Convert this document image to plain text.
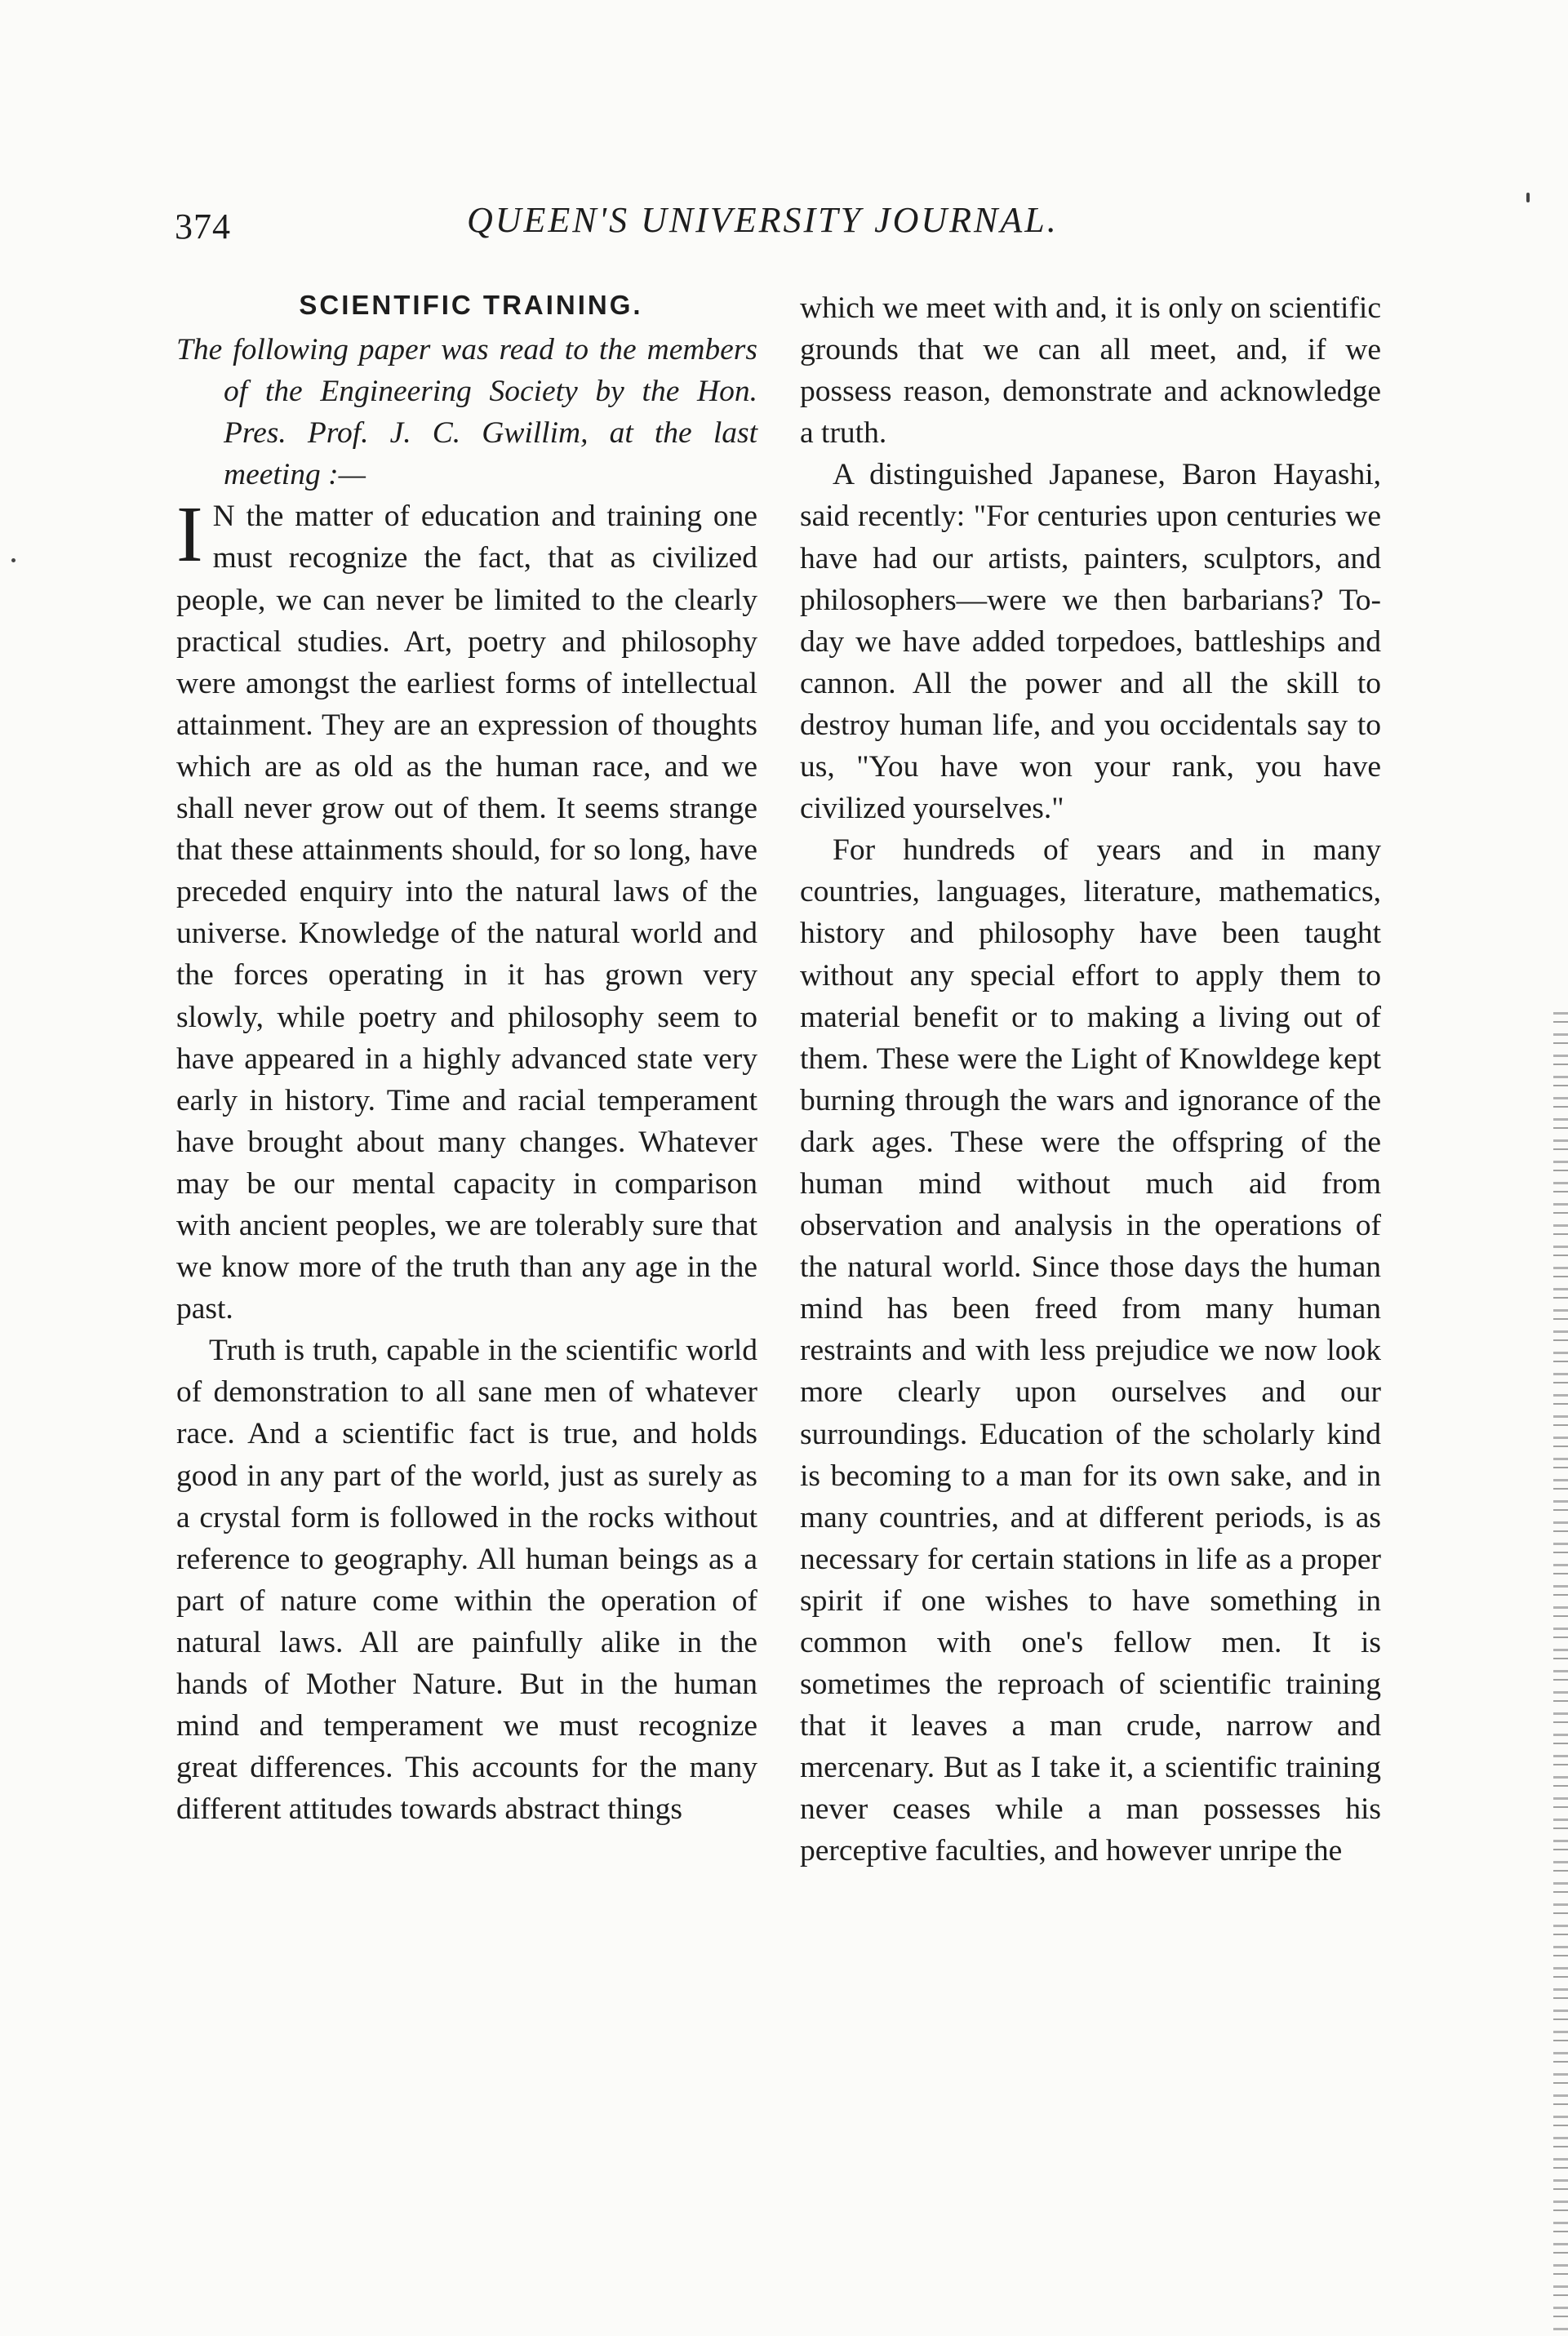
374	QUEEN'S UNIVERSITY JOURNAL.
SCIENTIFIC TRAINING.

The following paper was read to the members of the Engineering Society by the Hon. Pres. Prof. J. C. Gwillim, at the last meeting :—

I N the matter of education and training one must recognize the fact, that as civilized people, we can never be limited to the clearly practical studies. Art, poetry and philosophy were amongst the earliest forms of intellectual attainment. They are an expression of thoughts which are as old as the human race, and we shall never grow out of them. It seems strange that these attainments should, for so long, have preceded enquiry into the natural laws of the universe. Knowledge of the natural world and the forces operating in it has grown very slowly, while poetry and philosophy seem to have appeared in a highly advanced state very early in history. Time and racial temperament have brought about many changes. Whatever may be our mental capacity in comparison with ancient peoples, we are tolerably sure that we know more of the truth than any age in the past.

Truth is truth, capable in the scientific world of demonstration to all sane men of whatever race. And a scientific fact is true, and holds good in any part of the world, just as surely as a crystal form is followed in the rocks without reference to geography. All human beings as a part of nature come within the operation of natural laws. All are painfully alike in the hands of Mother Nature. But in the human mind and temperament we must recognize great differences. This accounts for the many different attitudes towards abstract things

which we meet with and, it is only on scientific grounds that we can all meet, and, if we possess reason, demonstrate and acknowledge a truth.

A distinguished Japanese, Baron Hayashi, said recently: "For centuries upon centuries we have had our artists, painters, sculptors, and philosophers—were we then barbarians? To-day we have added torpedoes, battleships and cannon. All the power and all the skill to destroy human life, and you occidentals say to us, "You have won your rank, you have civilized yourselves."

For hundreds of years and in many countries, languages, literature, mathematics, history and philosophy have been taught without any special effort to apply them to material benefit or to making a living out of them. These were the Light of Knowldege kept burning through the wars and ignorance of the dark ages. These were the offspring of the human mind without much aid from observation and analysis in the operations of the natural world. Since those days the human mind has been freed from many human restraints and with less prejudice we now look more clearly upon ourselves and our surroundings. Education of the scholarly kind is becoming to a man for its own sake, and in many countries, and at different periods, is as necessary for certain stations in life as a proper spirit if one wishes to have something in common with one's fellow men. It is sometimes the reproach of scientific training that it leaves a man crude, narrow and mercenary. But as I take it, a scientific training never ceases while a man possesses his perceptive faculties, and however unripe the
